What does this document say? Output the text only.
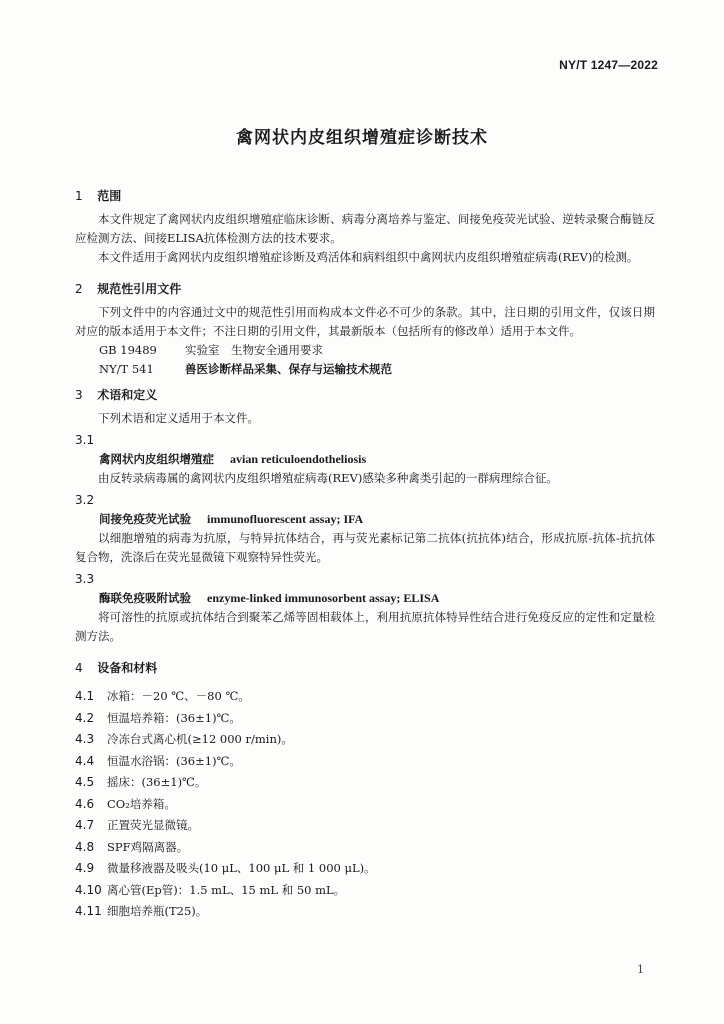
NY/T 1247—2022
禽网状内皮组织增殖症诊断技术
1 范围

本文件规定了禽网状内皮组织增殖症临床诊断、病毒分离培养与鉴定、间接免疫荧光试验、逆转录聚合酶链反应检测方法、间接ELISA抗体检测方法的技术要求。

本文件适用于禽网状内皮组织增殖症诊断及鸡活体和病料组织中禽网状内皮组织增殖症病毒(REV)的检测。

2 规范性引用文件

下列文件中的内容通过文中的规范性引用而构成本文件必不可少的条款。其中，注日期的引用文件，仅该日期对应的版本适用于本文件；不注日期的引用文件，其最新版本（包括所有的修改单）适用于本文件。

GB 19489 实验室　生物安全通用要求
NY/T 541	兽医诊断样品采集、保存与运输技术规范
3 术语和定义

下列术语和定义适用于本文件。

3.1
禽网状内皮组织增殖症 avian reticuloendotheliosis

由反转录病毒属的禽网状内皮组织增殖症病毒(REV)感染多种禽类引起的一群病理综合征。

3.2
间接免疫荧光试验 immunofluorescent assay; IFA

以细胞增殖的病毒为抗原，与特异抗体结合，再与荧光素标记第二抗体(抗抗体)结合，形成抗原-抗体-抗抗体复合物，洗涤后在荧光显微镜下观察特异性荧光。

3.3
酶联免疫吸附试验 enzyme-linked immunosorbent assay; ELISA

将可溶性的抗原或抗体结合到聚苯乙烯等固相载体上，利用抗原抗体特异性结合进行免疫反应的定性和定量检测方法。

4 设备和材料
4.1 冰箱：－20 ℃、－80 ℃。
4.2 恒温培养箱：(36±1)℃。
4.3 冷冻台式离心机(≥12 000 r/min)。
4.4 恒温水浴锅：(36±1)℃。
4.5 摇床：(36±1)℃。
4.6 CO₂培养箱。
4.7 正置荧光显微镜。
4.8 SPF鸡隔离器。
4.9 微量移液器及吸头(10 μL、100 μL 和 1 000 μL)。
4.10 离心管(Ep管)：1.5 mL、15 mL 和 50 mL。
4.11 细胞培养瓶(T25)。
1
